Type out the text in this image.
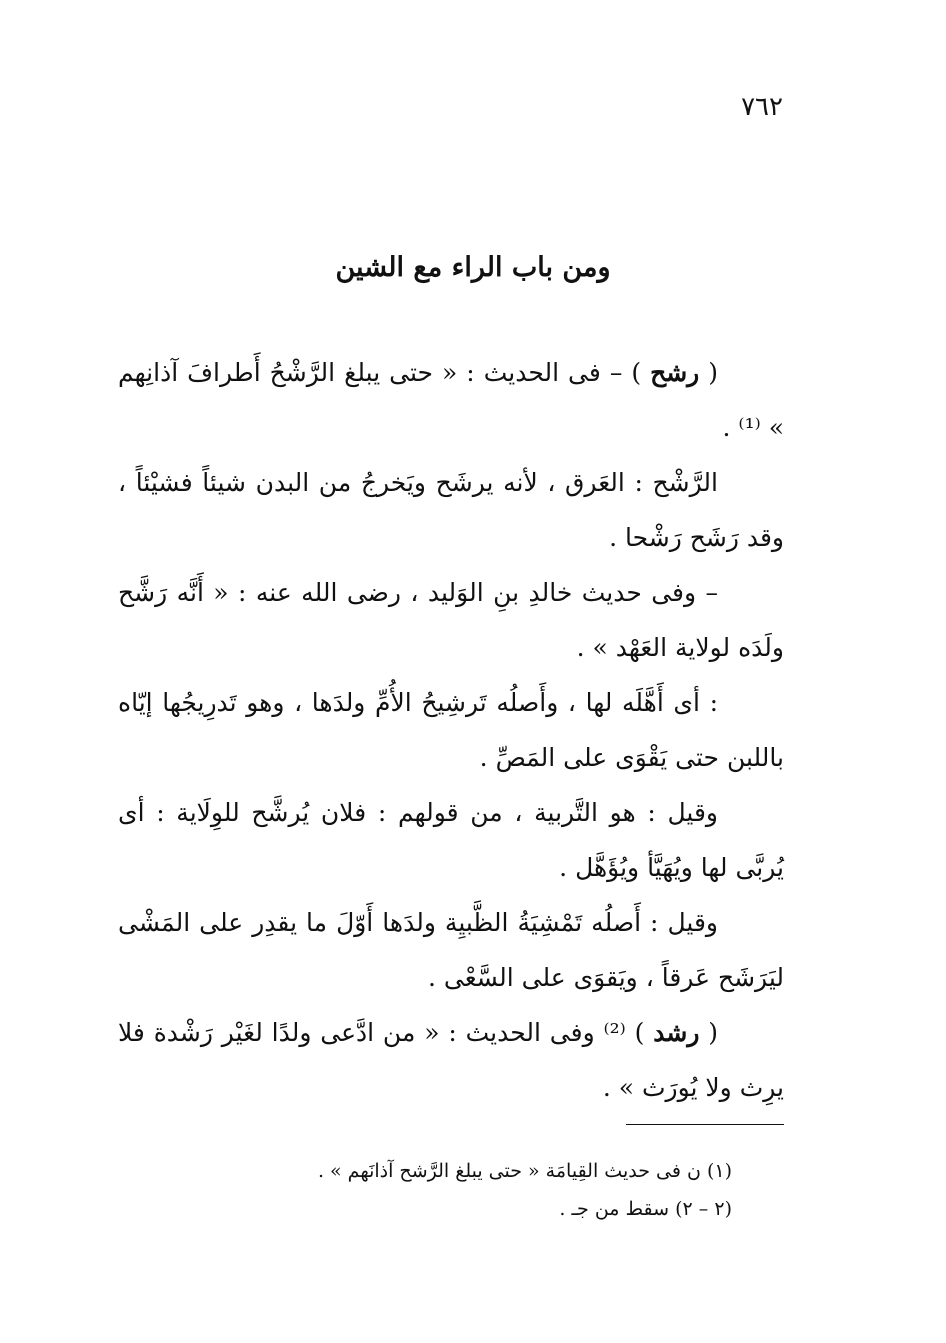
٧٦٢
ومن باب الراء مع الشين

( رشح ) – فى الحديث : « حتى يبلغ الرَّشْحُ أَطرافَ آذانِهم » ⁽¹⁾ .

الرَّشْح : العَرق ، لأنه يرشَح ويَخرجُ من البدن شيئاً فشيْئاً ، وقد رَشَح رَشْحا .

– وفى حديث خالدِ بنِ الوَليد ، رضى الله عنه : « أَنَّه رَشَّح ولَدَه لولاية العَهْد » .

: أى أَهَّلَه لها ، وأَصلُه تَرشِيحُ الأُمِّ ولدَها ، وهو تَدرِيجُها إيّاه باللبن حتى يَقْوَى على المَصِّ .

وقيل : هو التَّربية ، من قولهم : فلان يُرشَّح للوِلَاية : أى يُربَّى لها ويُهَيَّأ ويُؤَهَّل .

وقيل : أَصلُه تَمْشِيَةُ الظَّبيِة ولدَها أَوّلَ ما يقدِر على المَشْى ليَرَشَح عَرقاً ، ويَقوَى على السَّعْى .

( رشد ) ⁽²⁾ وفى الحديث : « من ادَّعى ولدًا لغَيْر رَشْدة فلا يرِث ولا يُورَث » .

(١) ن فى حديث القِيامَة « حتى يبلغ الرَّشح آذانَهم » .

(٢ – ٢) سقط من جـ .
